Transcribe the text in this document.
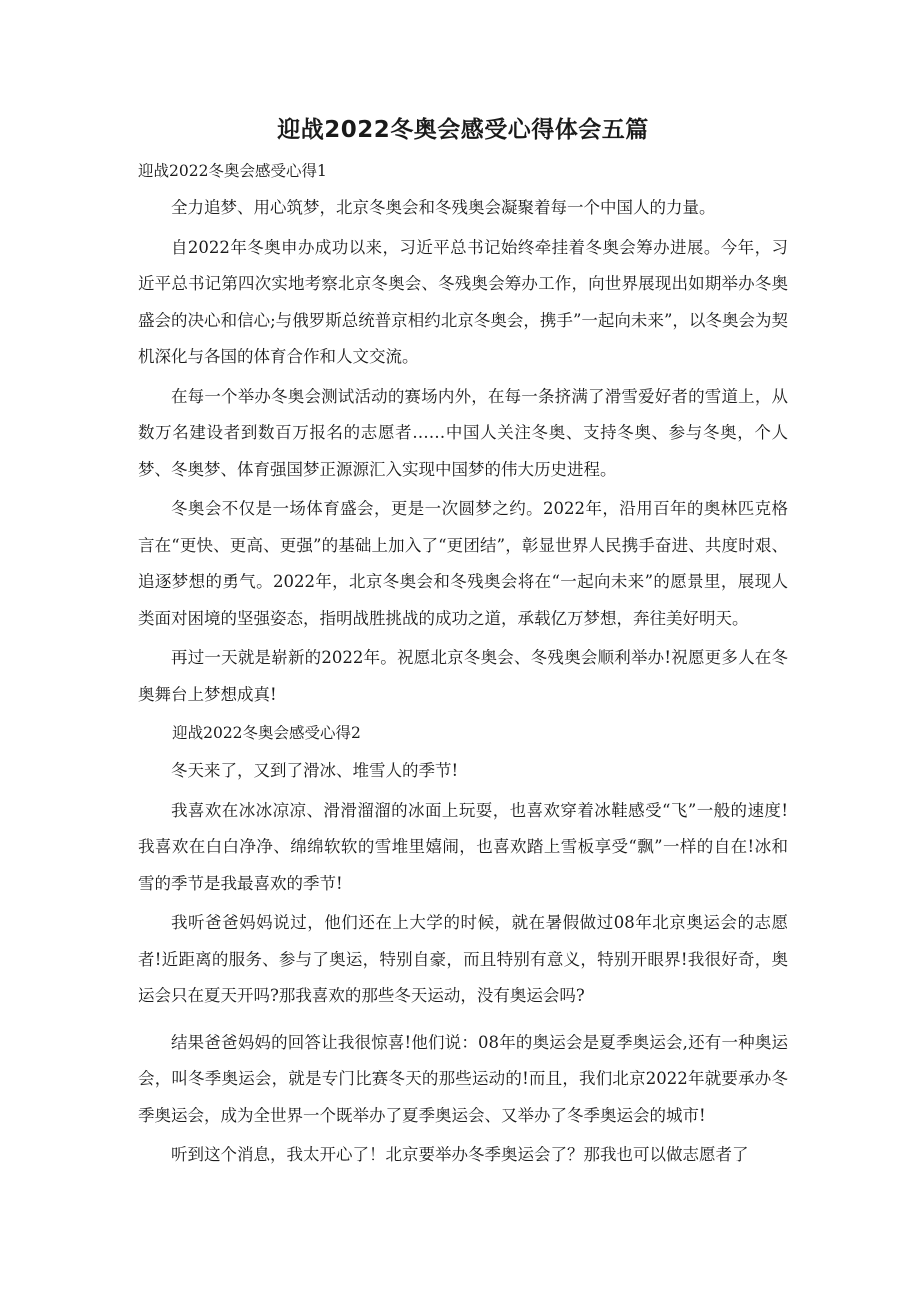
迎战2022冬奥会感受心得体会五篇
迎战2022冬奥会感受心得1

全力追梦、用心筑梦，北京冬奥会和冬残奥会凝聚着每一个中国人的力量。

自2022年冬奥申办成功以来，习近平总书记始终牵挂着冬奥会筹办进展。今年，习近平总书记第四次实地考察北京冬奥会、冬残奥会筹办工作，向世界展现出如期举办冬奥盛会的决心和信心;与俄罗斯总统普京相约北京冬奥会，携手”一起向未来”，以冬奥会为契机深化与各国的体育合作和人文交流。

在每一个举办冬奥会测试活动的赛场内外，在每一条挤满了滑雪爱好者的雪道上，从数万名建设者到数百万报名的志愿者……中国人关注冬奥、支持冬奥、参与冬奥，个人梦、冬奥梦、体育强国梦正源源汇入实现中国梦的伟大历史进程。

冬奥会不仅是一场体育盛会，更是一次圆梦之约。2022年，沿用百年的奥林匹克格言在“更快、更高、更强”的基础上加入了“更团结”，彰显世界人民携手奋进、共度时艰、追逐梦想的勇气。2022年，北京冬奥会和冬残奥会将在“一起向未来”的愿景里，展现人类面对困境的坚强姿态，指明战胜挑战的成功之道，承载亿万梦想，奔往美好明天。

再过一天就是崭新的2022年。祝愿北京冬奥会、冬残奥会顺利举办!祝愿更多人在冬奥舞台上梦想成真!

迎战2022冬奥会感受心得2

冬天来了，又到了滑冰、堆雪人的季节!

我喜欢在冰冰凉凉、滑滑溜溜的冰面上玩耍，也喜欢穿着冰鞋感受“飞”一般的速度!我喜欢在白白净净、绵绵软软的雪堆里嬉闹，也喜欢踏上雪板享受“飘”一样的自在!冰和雪的季节是我最喜欢的季节!

我听爸爸妈妈说过，他们还在上大学的时候，就在暑假做过08年北京奥运会的志愿者!近距离的服务、参与了奥运，特别自豪，而且特别有意义，特别开眼界!我很好奇，奥运会只在夏天开吗?那我喜欢的那些冬天运动，没有奥运会吗?

结果爸爸妈妈的回答让我很惊喜!他们说：08年的奥运会是夏季奥运会,还有一种奥运会，叫冬季奥运会，就是专门比赛冬天的那些运动的!而且，我们北京2022年就要承办冬季奥运会，成为全世界一个既举办了夏季奥运会、又举办了冬季奥运会的城市!

听到这个消息，我太开心了！北京要举办冬季奥运会了？那我也可以做志愿者了
